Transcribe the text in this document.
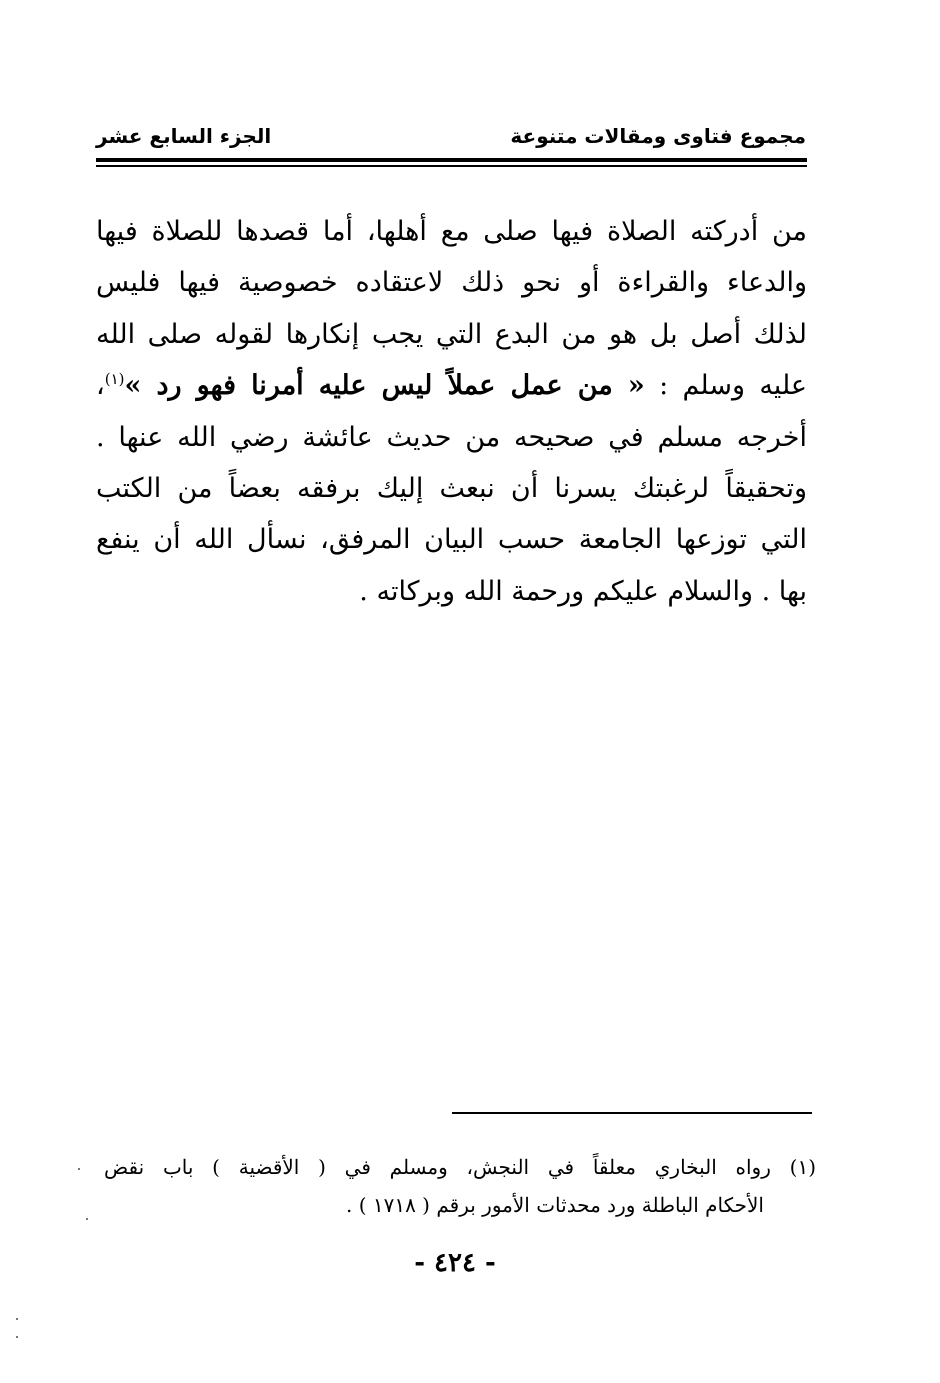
مجموع فتاوى ومقالات متنوعة
الجزء السابع عشر
من أدركته الصلاة فيها صلى مع أهلها، أما قصدها للصلاة فيها
والدعاء والقراءة أو نحو ذلك لاعتقاده خصوصية فيها فليس
لذلك أصل بل هو من البدع التي يجب إنكارها لقوله صلى الله
عليه وسلم : « من عمل عملاً ليس عليه أمرنا فهو رد »$^{(١)}$،
أخرجه مسلم في صحيحه من حديث عائشة رضي الله عنها .
وتحقيقاً لرغبتك يسرنا أن نبعث إليك برفقه بعضاً من الكتب
التي توزعها الجامعة حسب البيان المرفق، نسأل الله أن ينفع
بها . والسلام عليكم ورحمة الله وبركاته .
(١) رواه البخاري معلقاً في النجش، ومسلم في ( الأقضية ) باب نقض
الأحكام الباطلة ورد محدثات الأمور برقم ( ١٧١٨ ) .
- ٤٢٤ -
